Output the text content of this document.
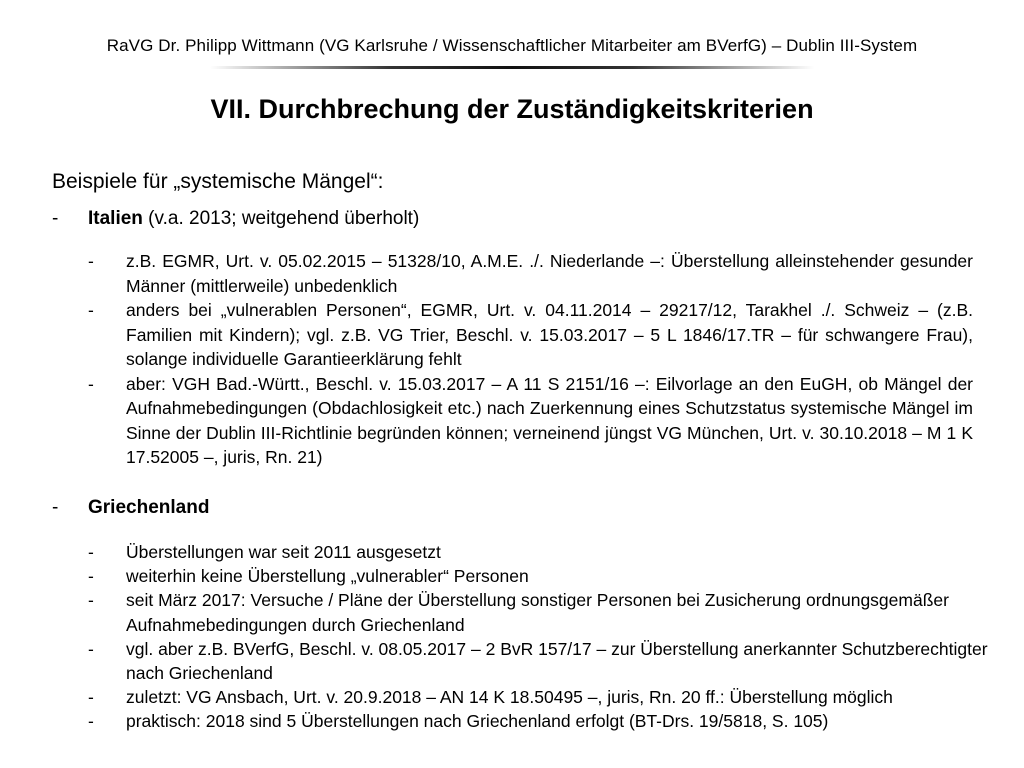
RaVG Dr. Philipp Wittmann (VG Karlsruhe / Wissenschaftlicher Mitarbeiter am BVerfG) – Dublin III-System
VII. Durchbrechung der Zuständigkeitskriterien
Beispiele für „systemische Mängel“:
- Italien (v.a. 2013; weitgehend überholt)
- z.B. EGMR, Urt. v. 05.02.2015 – 51328/10, A.M.E. ./. Niederlande –: Überstellung alleinstehender gesunder Männer (mittlerweile) unbedenklich
- anders bei „vulnerablen Personen“, EGMR, Urt. v. 04.11.2014 – 29217/12, Tarakhel ./. Schweiz – (z.B. Familien mit Kindern); vgl. z.B. VG Trier, Beschl. v. 15.03.2017 – 5 L 1846/17.TR – für schwangere Frau), solange individuelle Garantieerklärung fehlt
- aber: VGH Bad.-Württ., Beschl. v. 15.03.2017 – A 11 S 2151/16 –: Eilvorlage an den EuGH, ob Mängel der Aufnahmebedingungen (Obdachlosigkeit etc.) nach Zuerkennung eines Schutzstatus systemische Mängel im Sinne der Dublin III-Richtlinie begründen können; verneinend jüngst VG München, Urt. v. 30.10.2018 – M 1 K 17.52005 –, juris, Rn. 21)
- Griechenland
- Überstellungen war seit 2011 ausgesetzt
- weiterhin keine Überstellung „vulnerabler“ Personen
- seit März 2017: Versuche / Pläne der Überstellung sonstiger Personen bei Zusicherung ordnungsgemäßer Aufnahmebedingungen durch Griechenland
- vgl. aber z.B. BVerfG, Beschl. v. 08.05.2017 – 2 BvR 157/17 – zur Überstellung anerkannter Schutzberechtigter nach Griechenland
- zuletzt: VG Ansbach, Urt. v. 20.9.2018 – AN 14 K 18.50495 –, juris, Rn. 20 ff.: Überstellung möglich
- praktisch: 2018 sind 5 Überstellungen nach Griechenland erfolgt (BT-Drs. 19/5818, S. 105)
